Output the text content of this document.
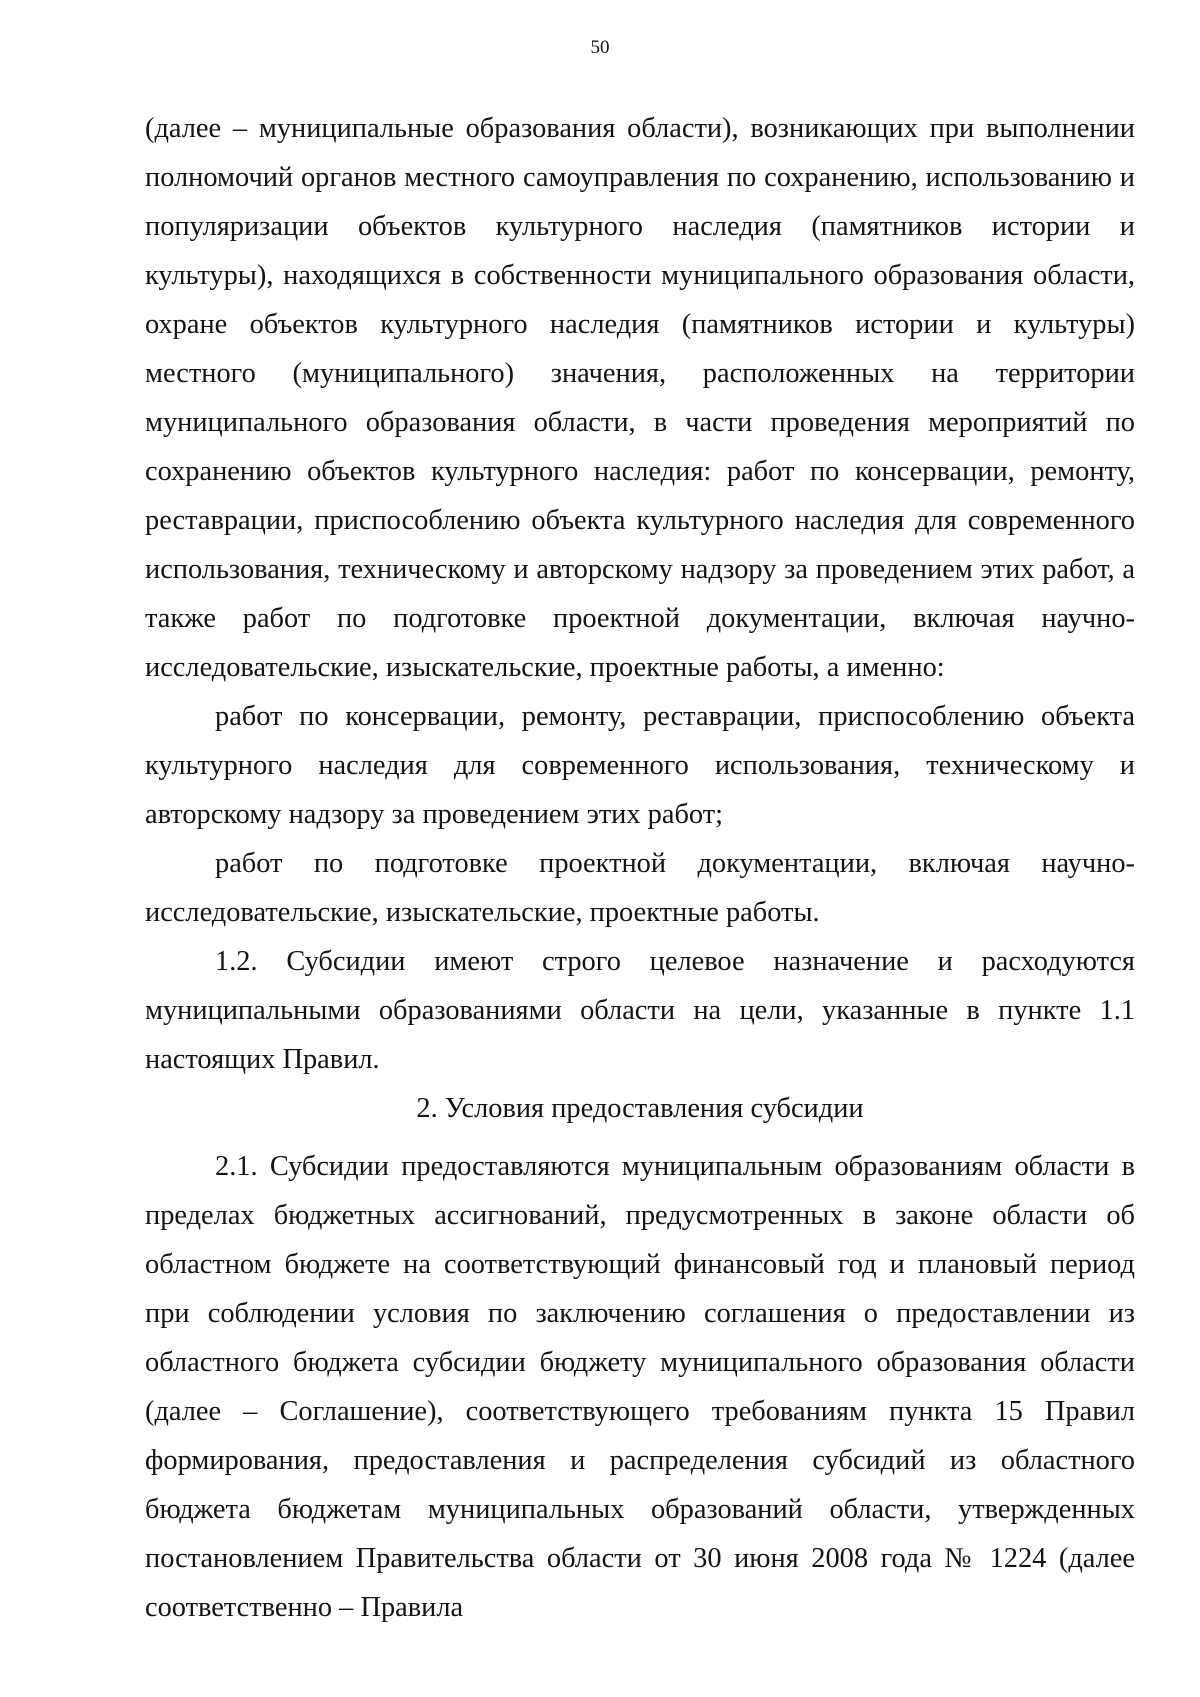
50

(далее – муниципальные образования области), возникающих при выполнении полномочий органов местного самоуправления по сохранению, использованию и популяризации объектов культурного наследия (памятников истории и культуры), находящихся в собственности муниципального образования области, охране объектов культурного наследия (памятников истории и культуры) местного (муниципального) значения, расположенных на территории муниципального образования области, в части проведения мероприятий по сохранению объектов культурного наследия: работ по консервации, ремонту, реставрации, приспособлению объекта культурного наследия для современного использования, техническому и авторскому надзору за проведением этих работ, а также работ по подготовке проектной документации, включая научно-исследовательские, изыскательские, проектные работы, а именно:

работ по консервации, ремонту, реставрации, приспособлению объекта культурного наследия для современного использования, техническому и авторскому надзору за проведением этих работ;

работ по подготовке проектной документации, включая научно-исследовательские, изыскательские, проектные работы.

1.2. Субсидии имеют строго целевое назначение и расходуются муниципальными образованиями области на цели, указанные в пункте 1.1 настоящих Правил.

2. Условия предоставления субсидии

2.1. Субсидии предоставляются муниципальным образованиям области в пределах бюджетных ассигнований, предусмотренных в законе области об областном бюджете на соответствующий финансовый год и плановый период при соблюдении условия по заключению соглашения о предоставлении из областного бюджета субсидии бюджету муниципального образования области (далее – Соглашение), соответствующего требованиям пункта 15 Правил формирования, предоставления и распределения субсидий из областного бюджета бюджетам муниципальных образований области, утвержденных постановлением Правительства области от 30 июня 2008 года № 1224 (далее соответственно – Правила
